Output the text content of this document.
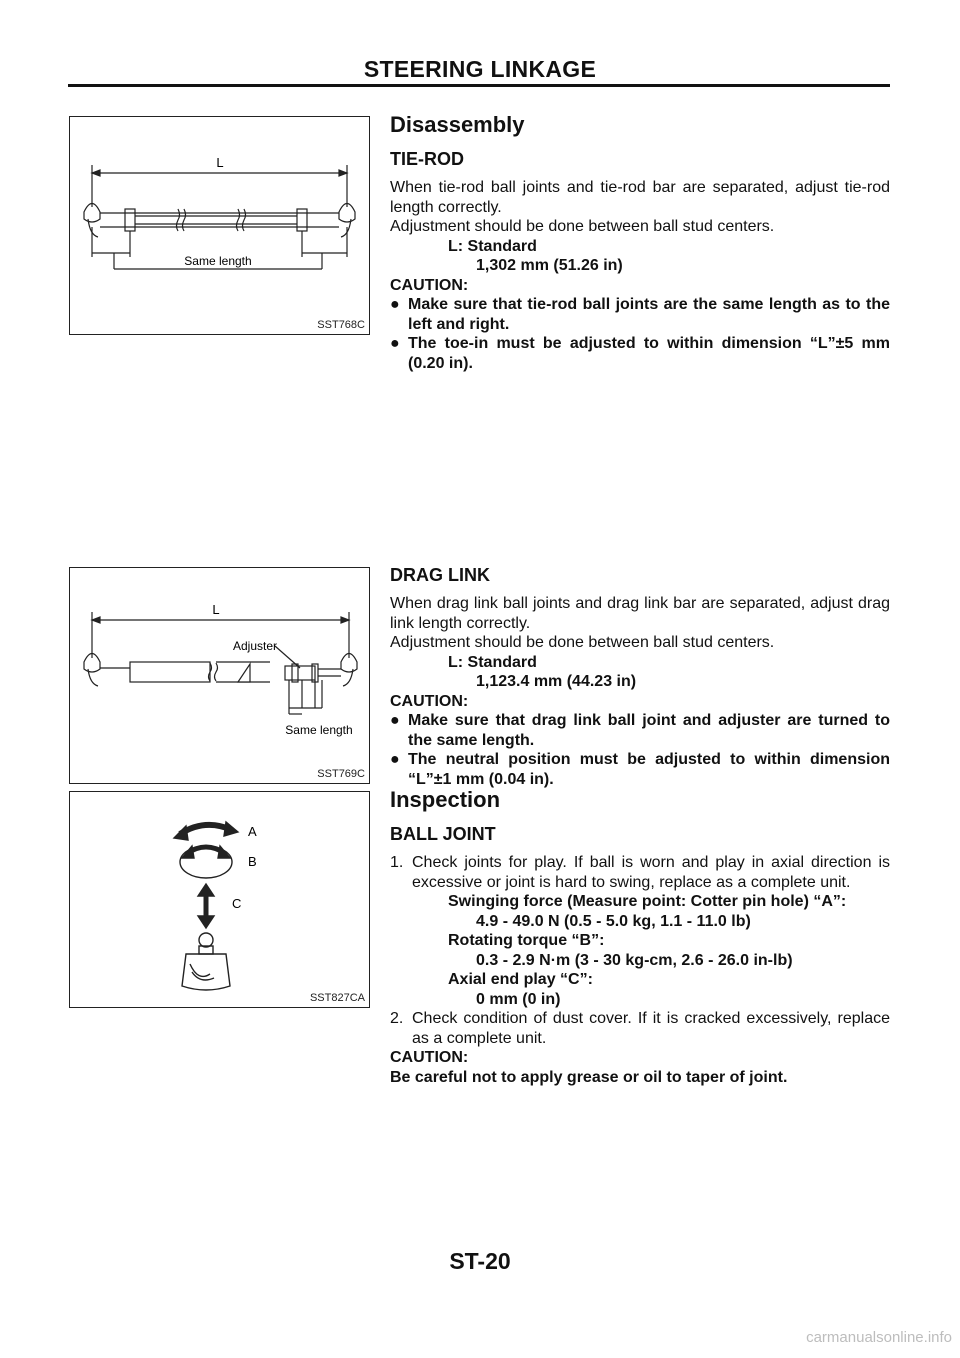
STEERING LINKAGE
L
Same length
SST768C
L
Adjuster
Same length
SST769C
A
B
C
SST827CA
Disassembly
TIE-ROD

When tie-rod ball joints and tie-rod bar are separated, adjust tie-rod length correctly.

Adjustment should be done between ball stud centers.

L: Standard
1,302 mm (51.26 in)
CAUTION:
● Make sure that tie-rod ball joints are the same length as to the left and right.
● The toe-in must be adjusted to within dimension “L”±5 mm (0.20 in).
DRAG LINK

When drag link ball joints and drag link bar are separated, adjust drag link length correctly.

Adjustment should be done between ball stud centers.

L: Standard
1,123.4 mm (44.23 in)
CAUTION:
● Make sure that drag link ball joint and adjuster are turned to the same length.
● The neutral position must be adjusted to within dimension “L”±1 mm (0.04 in).
Inspection
BALL JOINT
1. Check joints for play. If ball is worn and play in axial direction is excessive or joint is hard to swing, replace as a complete unit.
Swinging force (Measure point: Cotter pin hole) “A”:
4.9 - 49.0 N (0.5 - 5.0 kg, 1.1 - 11.0 lb)
Rotating torque “B”:
0.3 - 2.9 N·m (3 - 30 kg-cm, 2.6 - 26.0 in-lb)
Axial end play “C”:
0 mm (0 in)
2. Check condition of dust cover. If it is cracked excessively, replace as a complete unit.
CAUTION:
Be careful not to apply grease or oil to taper of joint.
ST-20
carmanualsonline.info
